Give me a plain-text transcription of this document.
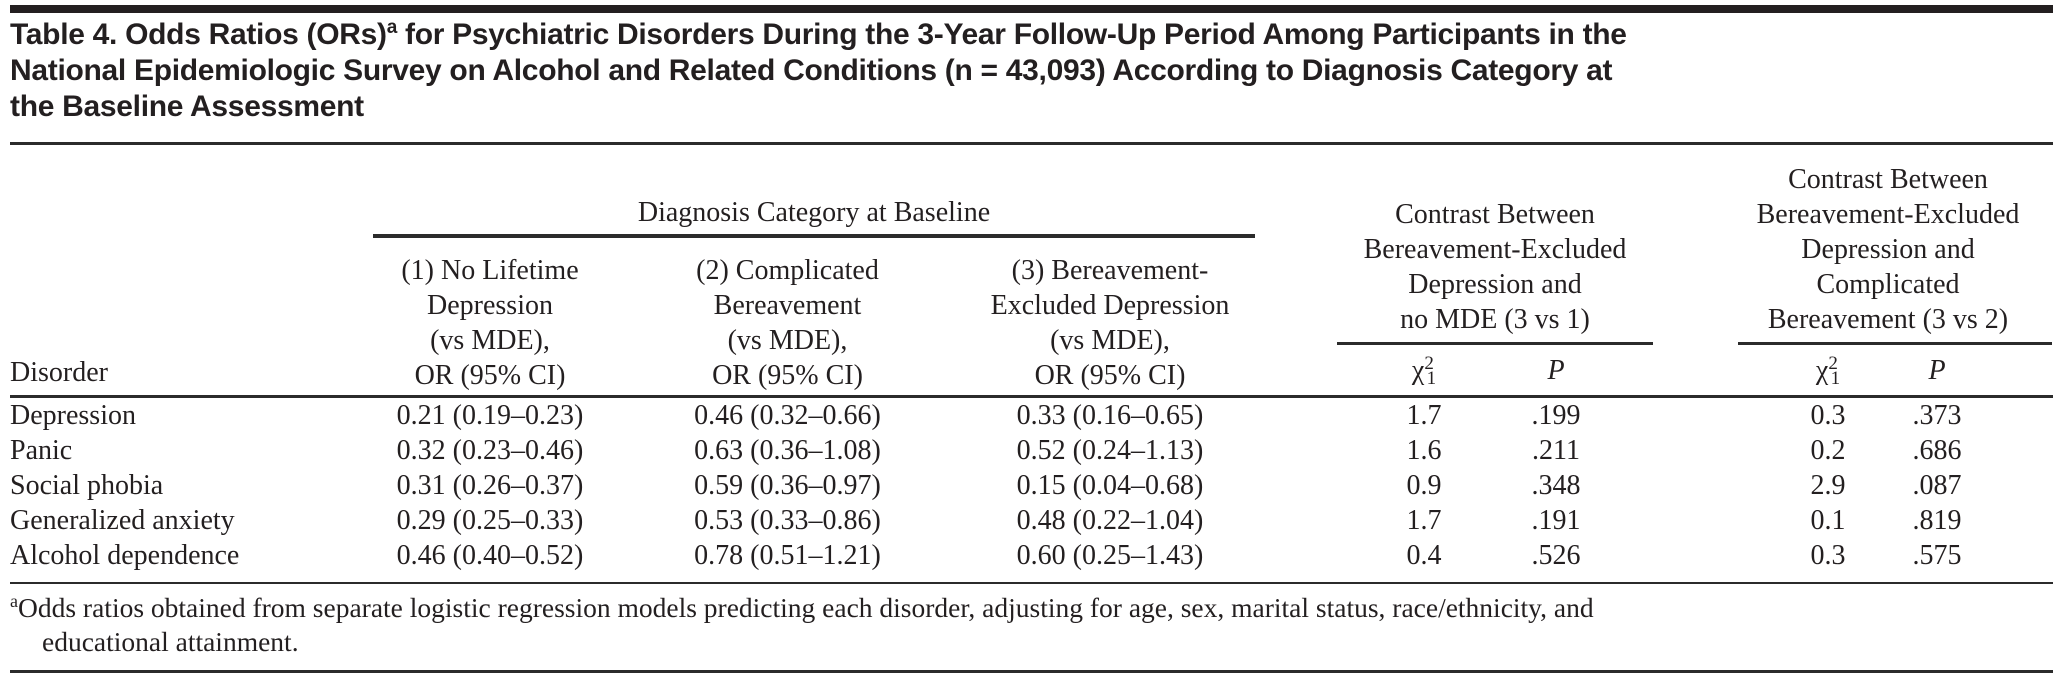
Table 4. Odds Ratios (ORs)$^a$ for Psychiatric Disorders During the 3-Year Follow-Up Period Among Participants in the
National Epidemiologic Survey on Alcohol and Related Conditions (n = 43,093) According to Diagnosis Category at
the Baseline Assessment
Diagnosis Category at Baseline
(1) No Lifetime
Depression
(vs MDE),
OR (95% CI)
(2) Complicated
Bereavement
(vs MDE),
OR (95% CI)
(3) Bereavement-
Excluded Depression
(vs MDE),
OR (95% CI)
Contrast Between
Bereavement-Excluded
Depression and
no MDE (3 vs 1)
Contrast Between
Bereavement-Excluded
Depression and
Complicated
Bereavement (3 vs 2)
$\chi^21$	P	$\chi^21$	P
Disorder
Depression	0.21 (0.19–0.23)	0.46 (0.32–0.66)	0.33 (0.16–0.65)	1.7	.199	0.3	.373
Panic	0.32 (0.23–0.46)	0.63 (0.36–1.08)	0.52 (0.24–1.13)	1.6	.211	0.2	.686
Social phobia	0.31 (0.26–0.37)	0.59 (0.36–0.97)	0.15 (0.04–0.68)	0.9	.348	2.9	.087
Generalized anxiety	0.29 (0.25–0.33)	0.53 (0.33–0.86)	0.48 (0.22–1.04)	1.7	.191	0.1	.819
Alcohol dependence	0.46 (0.40–0.52)	0.78 (0.51–1.21)	0.60 (0.25–1.43)	0.4	.526	0.3	.575
$^a$Odds ratios obtained from separate logistic regression models predicting each disorder, adjusting for age, sex, marital status, race/ethnicity, and
educational attainment.
